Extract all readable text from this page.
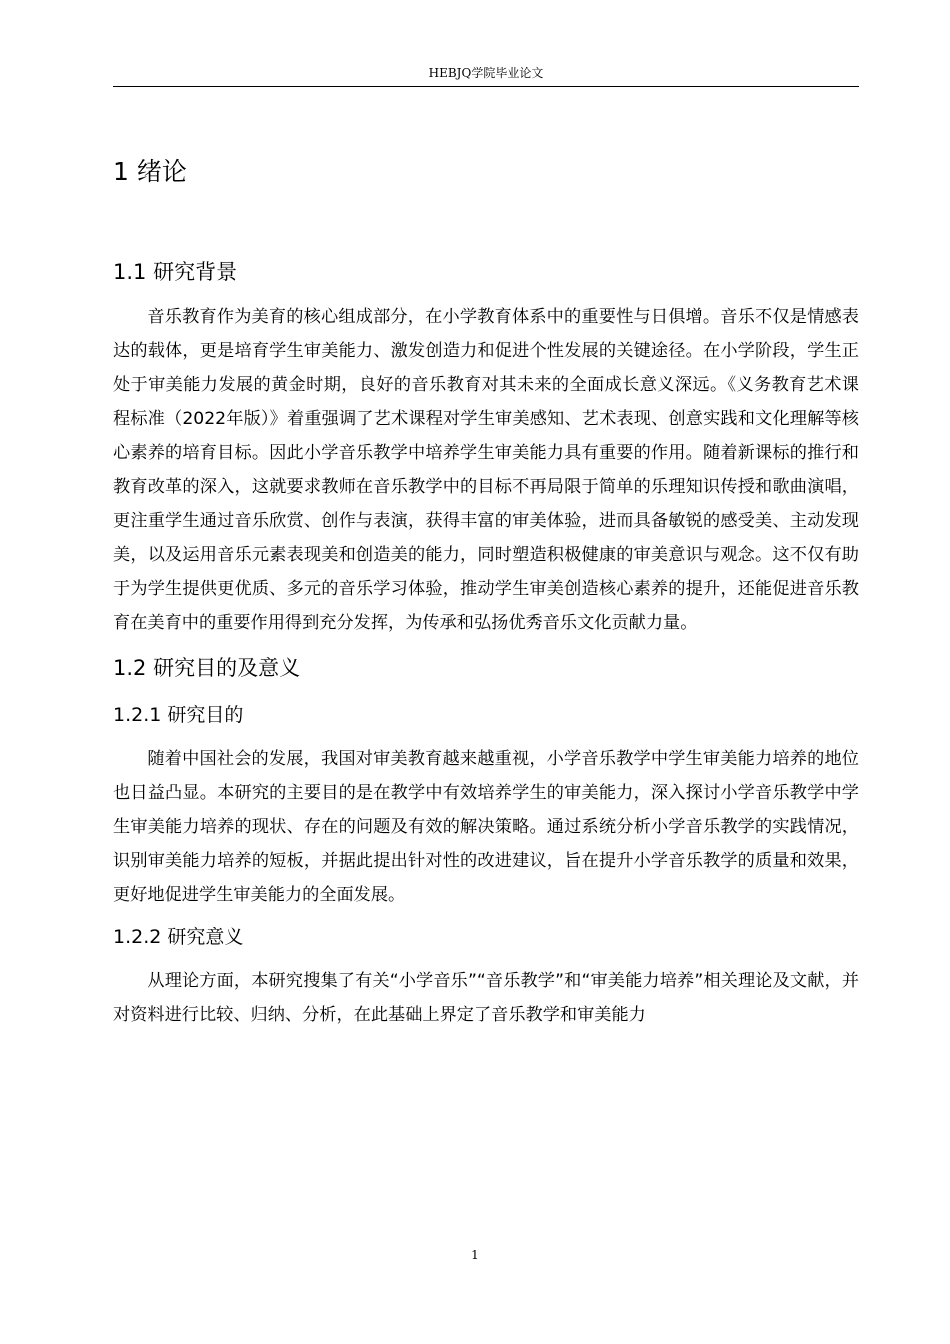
HEBJQ学院毕业论文
1 绪论
1.1 研究背景

音乐教育作为美育的核心组成部分，在小学教育体系中的重要性与日俱增。音乐不仅是情感表达的载体，更是培育学生审美能力、激发创造力和促进个性发展的关键途径。在小学阶段，学生正处于审美能力发展的黄金时期，良好的音乐教育对其未来的全面成长意义深远。《义务教育艺术课程标准（2022年版）》着重强调了艺术课程对学生审美感知、艺术表现、创意实践和文化理解等核心素养的培育目标。因此小学音乐教学中培养学生审美能力具有重要的作用。随着新课标的推行和教育改革的深入，这就要求教师在音乐教学中的目标不再局限于简单的乐理知识传授和歌曲演唱，更注重学生通过音乐欣赏、创作与表演，获得丰富的审美体验，进而具备敏锐的感受美、主动发现美，以及运用音乐元素表现美和创造美的能力，同时塑造积极健康的审美意识与观念。这不仅有助于为学生提供更优质、多元的音乐学习体验，推动学生审美创造核心素养的提升，还能促进音乐教育在美育中的重要作用得到充分发挥，为传承和弘扬优秀音乐文化贡献力量。

1.2 研究目的及意义
1.2.1 研究目的

随着中国社会的发展，我国对审美教育越来越重视，小学音乐教学中学生审美能力培养的地位也日益凸显。本研究的主要目的是在教学中有效培养学生的审美能力，深入探讨小学音乐教学中学生审美能力培养的现状、存在的问题及有效的解决策略。通过系统分析小学音乐教学的实践情况，识别审美能力培养的短板，并据此提出针对性的改进建议，旨在提升小学音乐教学的质量和效果，更好地促进学生审美能力的全面发展。

1.2.2 研究意义

从理论方面，本研究搜集了有关“小学音乐”“音乐教学”和“审美能力培养”相关理论及文献，并对资料进行比较、归纳、分析，在此基础上界定了音乐教学和审美能力

1
